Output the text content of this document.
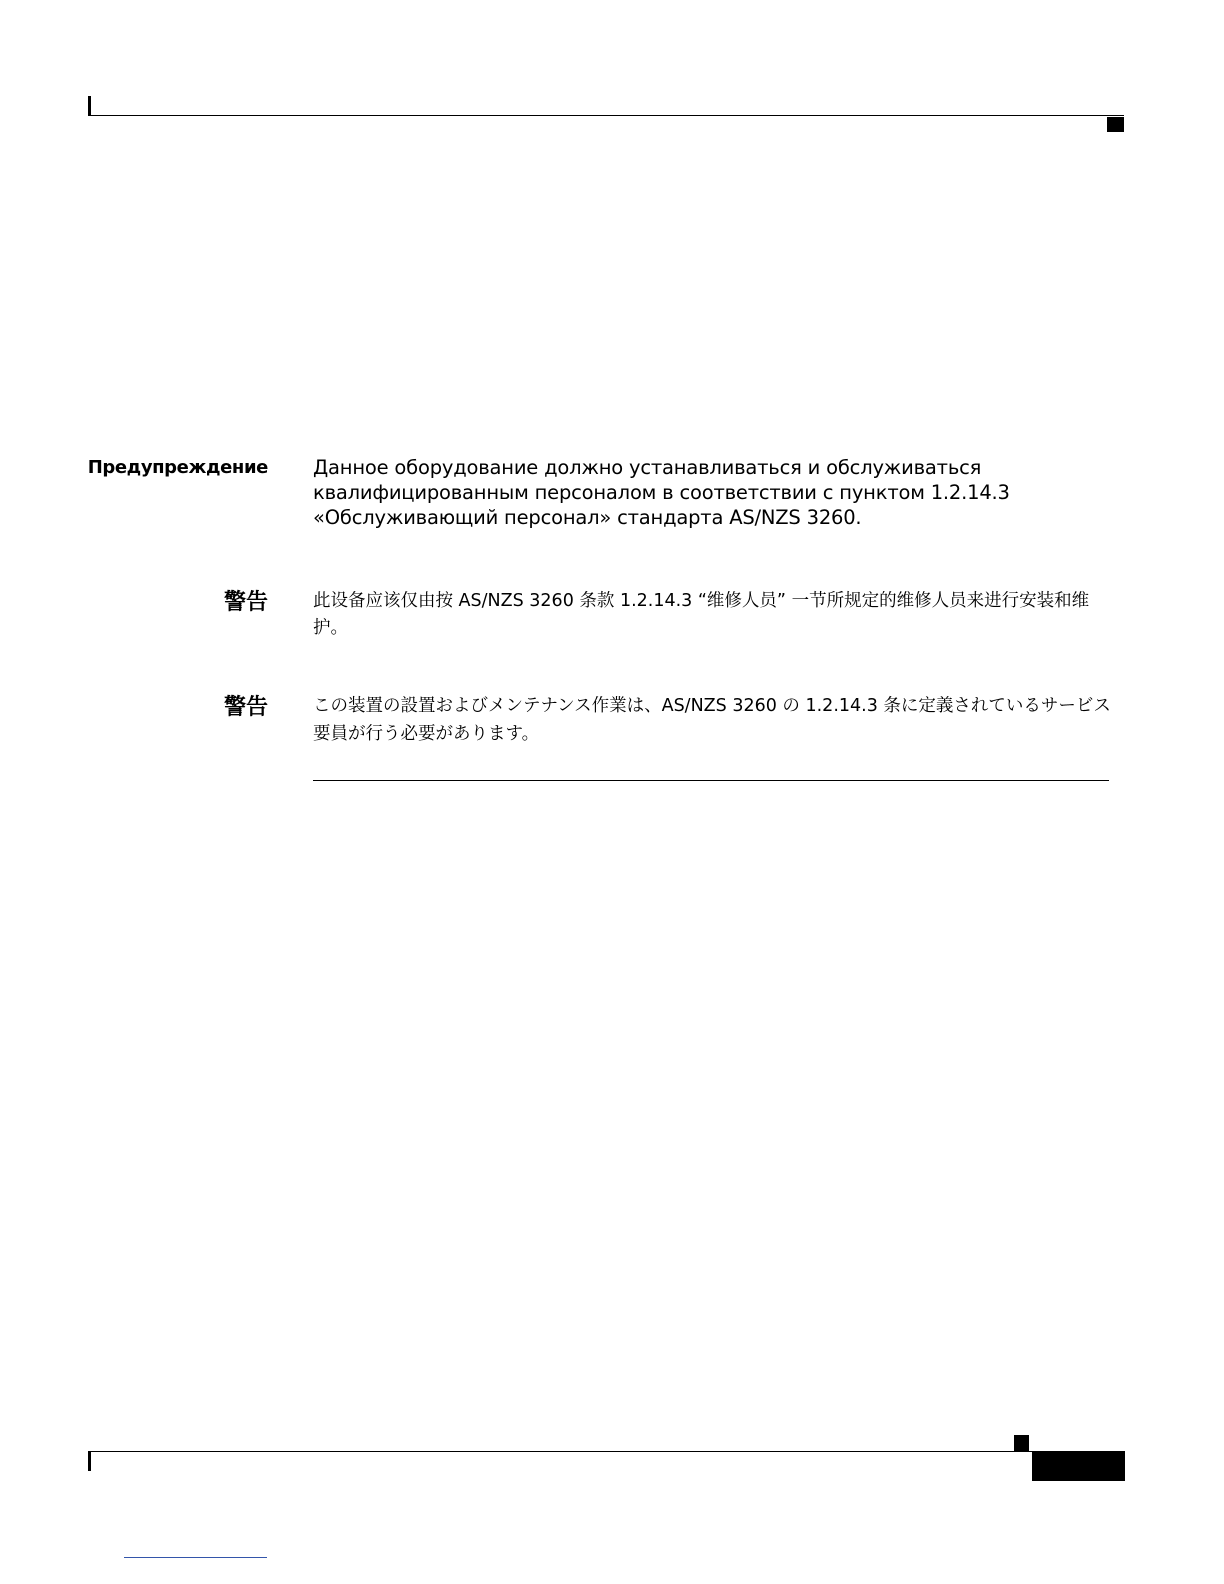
Предупреждение Данное оборудование должно устанавливаться и обслуживаться квалифицированным персоналом в соответствии с пунктом 1.2.14.3 «Обслуживающий персонал» стандарта AS/NZS 3260.

警告	此设备应该仅由按 AS/NZS 3260 条款 1.2.14.3 “维修人员” 一节所规定的维修人员来进行安装和维护。

警告	この装置の設置およびメンテナンス作業は、AS/NZS 3260 の 1.2.14.3 条に定義されているサービス要員が行う必要があります。
